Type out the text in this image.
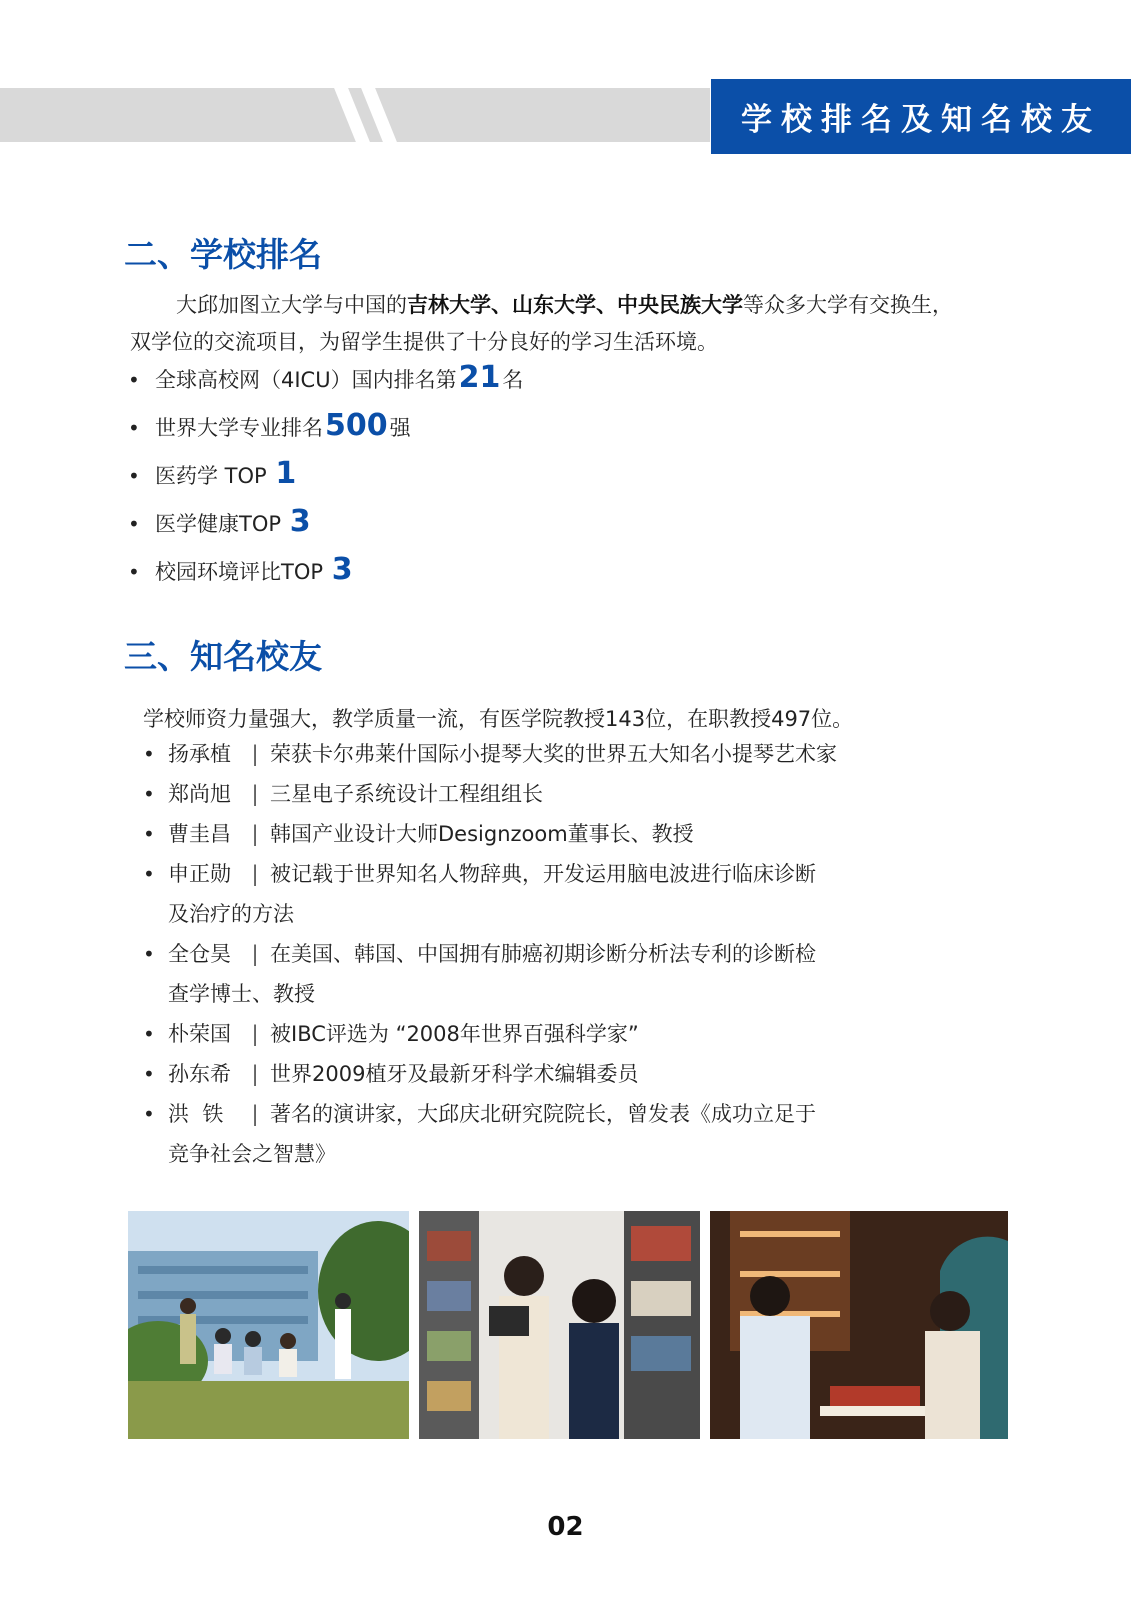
学校排名及知名校友
二、学校排名

大邱加图立大学与中国的吉林大学、山东大学、中央民族大学等众多大学有交换生，
双学位的交流项目，为留学生提供了十分良好的学习生活环境。

• 全球高校网（4ICU）国内排名第 21 名
• 世界大学专业排名 500 强
• 医药学 TOP 1
• 医学健康TOP 3
• 校园环境评比TOP 3
三、知名校友

学校师资力量强大，教学质量一流，有医学院教授143位，在职教授497位。

• 扬承植 | 荣获卡尔弗莱什国际小提琴大奖的世界五大知名小提琴艺术家
• 郑尚旭 | 三星电子系统设计工程组组长
• 曹圭昌 | 韩国产业设计大师Designzoom董事长、教授
• 申正勋 | 被记载于世界知名人物辞典，开发运用脑电波进行临床诊断
及治疗的方法
• 全仓昊 | 在美国、韩国、中国拥有肺癌初期诊断分析法专利的诊断检
查学博士、教授
• 朴荣国 | 被IBC评选为 “2008年世界百强科学家”
• 孙东希 | 世界2009植牙及最新牙科学术编辑委员
• 洪  铁	| 著名的演讲家，大邱庆北研究院院长，曾发表《成功立足于
竞争社会之智慧》
02
